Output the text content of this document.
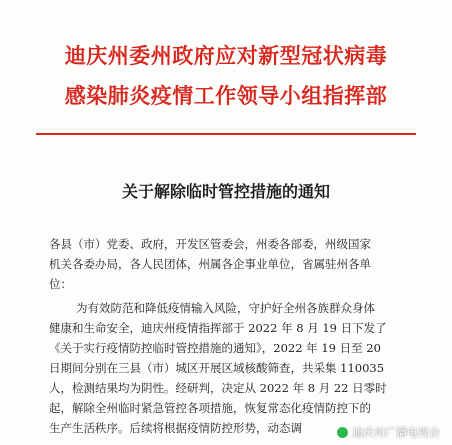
迪庆州委州政府应对新型冠状病毒
感染肺炎疫情工作领导小组指挥部
关于解除临时管控措施的通知
各县（市）党委、政府，开发区管委会，州委各部委，州级国家
机关各委办局，各人民团体，州属各企事业单位，省属驻州各单
位：
为有效防范和降低疫情输入风险，守护好全州各族群众身体
健康和生命安全，迪庆州疫情指挥部于 2022 年 8 月 19 日下发了
《关于实行疫情防控临时管控措施的通知》，2022 年 19 日至 20
日期间分别在三县（市）城区开展区域核酸筛查，共采集 110035
人，检测结果均为阴性。经研判，决定从 2022 年 8 月 22 日零时
起，解除全州临时紧急管控各项措施，恢复常态化疫情防控下的
生产生活秩序。后续将根据疫情防控形势，动态调	迪庆州广播电视台
